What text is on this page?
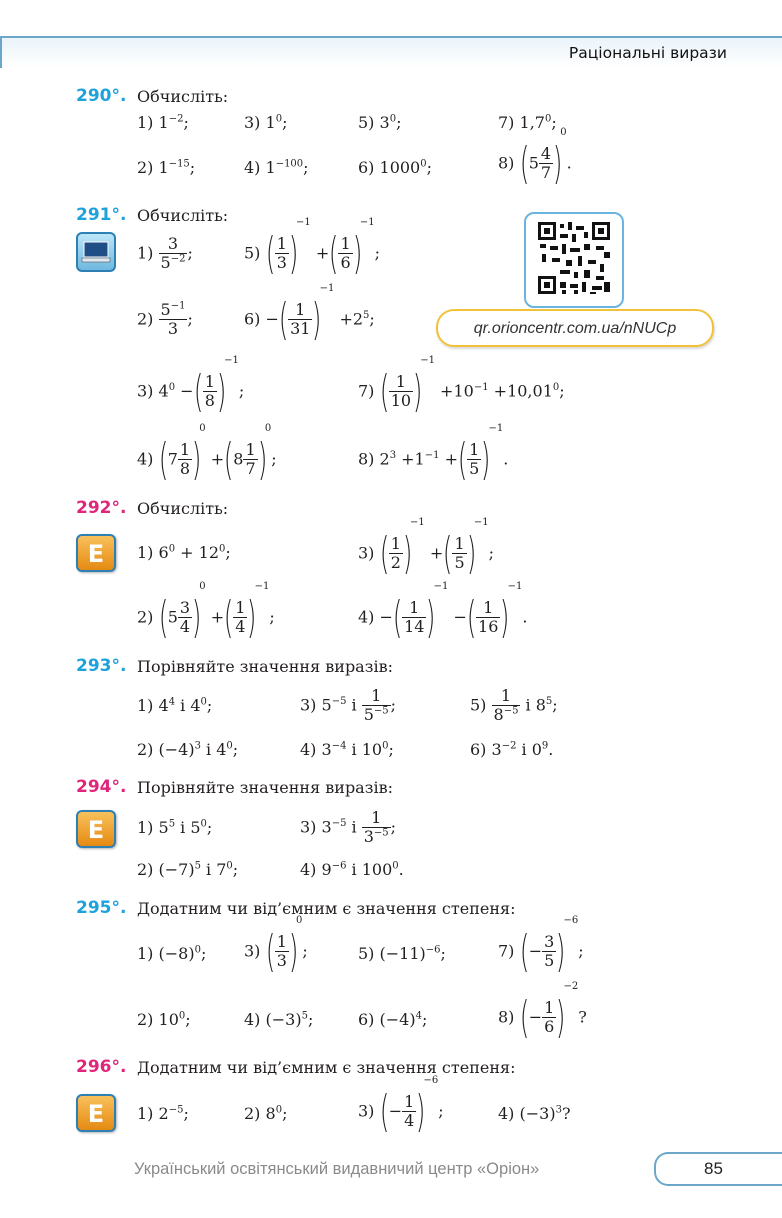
Раціональні вирази
290°. Обчисліть:
1) $1^{-2}$;	3) $1^0$;	5) $3^0$;	7) $1,7^0$;
2) $1^{-15}$;	4) $1^{-100}$;	6) 1000$^0$;	8) $(5 \frac{4}{7} )0$.
291°. Обчисліть:
$1) \frac{3}{5^{-2}}$ ;	5) ( $\frac{1}{3} )-1$ +( $\frac{1}{6} )-1$;
$2) \frac{5^{-1}}{3}$ ;	6) −( $\frac{1}{31} )-1 +2^5$;	qr.orioncentr.com.ua/nNUCp
3) $4^0$ −( $\frac{1}{8} )-1$;	7) ( $\frac{1}{10} )-1 +10^{-1} +10,01^0$;
4) $(7 \frac{1}{8} )0 +(8 \frac{1}{7} )0$;	8) $2^3 +1^{-1}$ +( $\frac{1}{5} )-1$.
292°. Обчисліть:
Е	1) $6^0 + 12^0$;	3) ( $\frac{1}{2} )-1$ +( $\frac{1}{5} )-1$;
2) $(5 \frac{3}{4} )0$ +( $\frac{1}{4} )-1$;	4) −( $\frac{1}{14} )-1$ −( $\frac{1}{16} )-1$.
293°. Порівняйте значення виразів:
1) $4^4$ і $4^0$;	3) $5^{-5}$ і $\frac{1}{5^{-5}}$ ;	$5) \frac{1}{8^{-5}}$ і $8^5$;
2) $(-4)^3$ і $4^0$;	4) $3^{-4}$ і $10^0$;	6) $3^{-2}$ і $0^9$.
294°. Порівняйте значення виразів:
Е	1) $5^5$ і $5^0$;	3) $3^{-5}$ і $\frac{1}{3^{-5}}$ ;
2) $(-7)^5$ і $7^0$;	4) $9^{-6}$ і $100^0$.
295°. Додатним чи від’ємним є значення степеня:
1) $(-8)^0$; 3) ( $\frac{1}{3} )0$;	5) $(-11)^{-6}$;	7) (− $\frac{3}{5} )-6$;
2) $10^0$;	4) $(-3)^5$;	6) $(-4)^4$;	8) (− $\frac{1}{6} )-2$?
296°. Додатним чи від’ємним є значення степеня:
Е	1) $2^{-5}$;	2) $8^0$;	3) (− $\frac{1}{4} )-6$;	4) $(-3)^3$?
Український освітянський видавничий центр «Оріон»	85
